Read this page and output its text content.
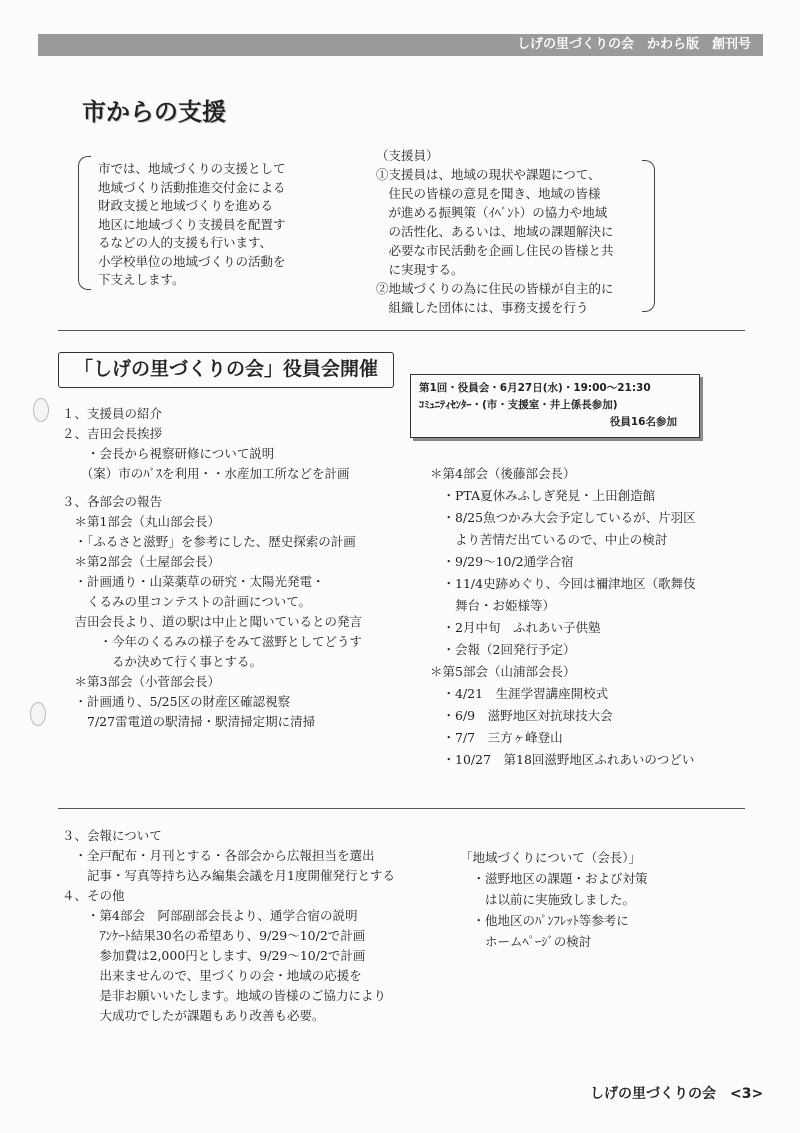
しげの里づくりの会　かわら版　創刊号
市からの支援
市では、地域づくりの支援として
地域づくり活動推進交付金による
財政支援と地域づくりを進める
地区に地域づくり支援員を配置す
るなどの人的支援も行います、
小学校単位の地域づくりの活動を
下支えします。
（支援員）
①支援員は、地域の現状や課題につて、
　住民の皆様の意見を聞き、地域の皆様
　が進める振興策（ｲﾍﾞﾝﾄ）の協力や地域
　の活性化、あるいは、地域の課題解決に
　必要な市民活動を企画し住民の皆様と共
　に実現する。
②地域づくりの為に住民の皆様が自主的に
　組織した団体には、事務支援を行う
「しげの里づくりの会」役員会開催
第1回・役員会・6月27日(水)・19:00～21:30
ｺﾐｭﾆﾃｨｾﾝﾀｰ・(市・支援室・井上係長参加)
役員16名参加
１、支援員の紹介
２、吉田会長挨拶
　　・会長から視察研修について説明
　　（案）市のﾊﾞｽを利用・・水産加工所などを計画
３、各部会の報告
　＊第1部会（丸山部会長）
　・「ふるさと滋野」を参考にした、歴史探索の計画
　＊第2部会（土屋部会長）
　・計画通り・山菜薬草の研究・太陽光発電・
　　くるみの里コンテストの計画について。
　吉田会長より、道の駅は中止と聞いているとの発言
　　　・今年のくるみの様子をみて滋野としてどうす
　　　　るか決めて行く事とする。
　＊第3部会（小菅部会長）
　・計画通り、5/25区の財産区確認視察
　　7/27雷電道の駅清掃・駅清掃定期に清掃
＊第4部会（後藤部会長）
　・PTA夏休みふしぎ発見・上田創造館
　・8/25魚つかみ大会予定しているが、片羽区
　　より苦情だ出ているので、中止の検討
　・9/29～10/2通学合宿
　・11/4史跡めぐり、今回は禰津地区（歌舞伎
　　舞台・お姫様等）
　・2月中旬　ふれあい子供塾
　・会報（2回発行予定）
＊第5部会（山浦部会長）
　・4/21　生涯学習講座開校式
　・6/9　滋野地区対抗球技大会
　・7/7　三方ヶ峰登山
　・10/27　第18回滋野地区ふれあいのつどい
３、会報について
　・全戸配布・月刊とする・各部会から広報担当を選出
　　記事・写真等持ち込み編集会議を月1度開催発行とする
４、その他
　　・第4部会　阿部副部会長より、通学合宿の説明
　　　ｱﾝｹｰﾄ結果30名の希望あり、9/29～10/2で計画
　　　参加費は2,000円とします、9/29～10/2で計画
　　　出来ませんので、里づくりの会・地域の応援を
　　　是非お願いいたします。地域の皆様のご協力により
　　　大成功でしたが課題もあり改善も必要。
「地域づくりについて（会長）」
　・滋野地区の課題・および対策
　　は以前に実施致しました。
　・他地区のﾊﾟﾝﾌﾚｯﾄ等参考に
　　ホームﾍﾟｰｼﾞの検討
しげの里づくりの会　<3>
